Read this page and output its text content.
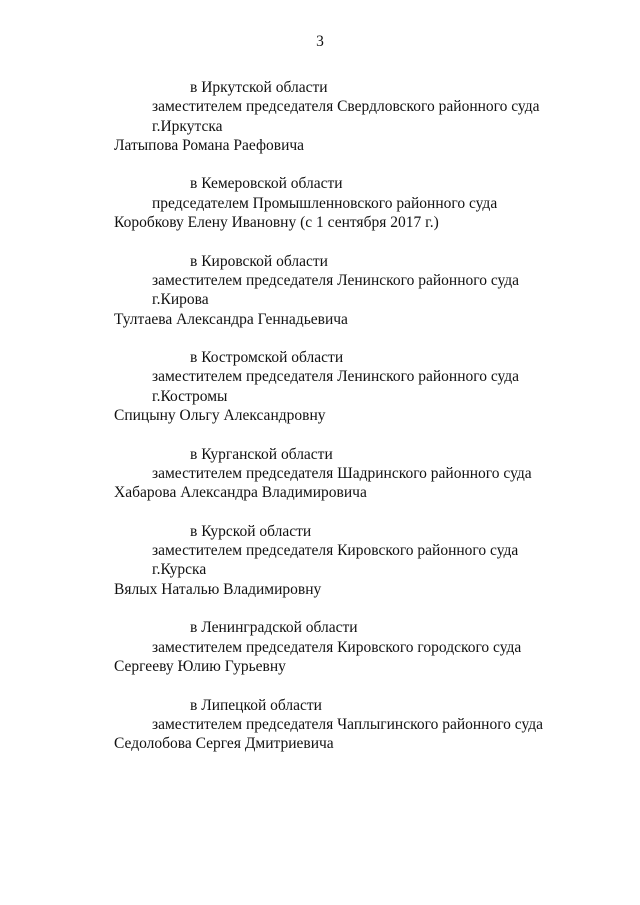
3
в Иркутской области
заместителем председателя Свердловского районного суда
г.Иркутска
Латыпова Романа Раефовича
в Кемеровской области
председателем Промышленновского районного суда
Коробкову Елену Ивановну (с 1 сентября 2017 г.)
в Кировской области
заместителем председателя Ленинского районного суда
г.Кирова
Тултаева Александра Геннадьевича
в Костромской области
заместителем председателя Ленинского районного суда
г.Костромы
Спицыну Ольгу Александровну
в Курганской области
заместителем председателя Шадринского районного суда
Хабарова Александра Владимировича
в Курской области
заместителем председателя Кировского районного суда
г.Курска
Вялых Наталью Владимировну
в Ленинградской области
заместителем председателя Кировского городского суда
Сергееву Юлию Гурьевну
в Липецкой области
заместителем председателя Чаплыгинского районного суда
Седолобова Сергея Дмитриевича
